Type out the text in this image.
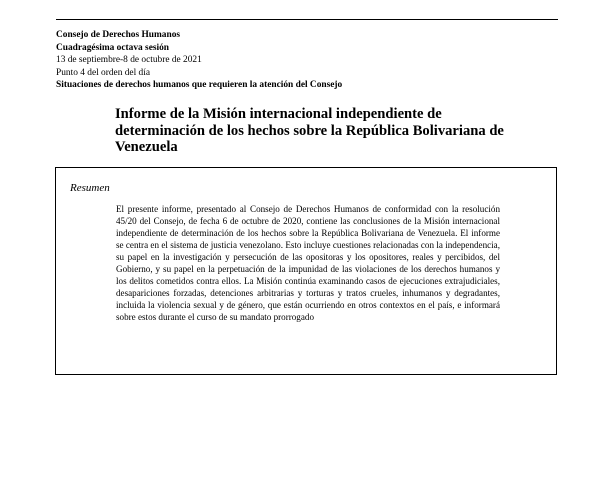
Consejo de Derechos Humanos
Cuadragésima octava sesión
13 de septiembre-8 de octubre de 2021
Punto 4 del orden del día
Situaciones de derechos humanos que requieren la atención del Consejo
Informe de la Misión internacional independiente de determinación de los hechos sobre la República Bolivariana de Venezuela
Resumen
El presente informe, presentado al Consejo de Derechos Humanos de conformidad con la resolución 45/20 del Consejo, de fecha 6 de octubre de 2020, contiene las conclusiones de la Misión internacional independiente de determinación de los hechos sobre la República Bolivariana de Venezuela. El informe se centra en el sistema de justicia venezolano. Esto incluye cuestiones relacionadas con la independencia, su papel en la investigación y persecución de las opositoras y los opositores, reales y percibidos, del Gobierno, y su papel en la perpetuación de la impunidad de las violaciones de los derechos humanos y los delitos cometidos contra ellos. La Misión continúa examinando casos de ejecuciones extrajudiciales, desapariciones forzadas, detenciones arbitrarias y torturas y tratos crueles, inhumanos y degradantes, incluida la violencia sexual y de género, que están ocurriendo en otros contextos en el país, e informará sobre estos durante el curso de su mandato prorrogado
